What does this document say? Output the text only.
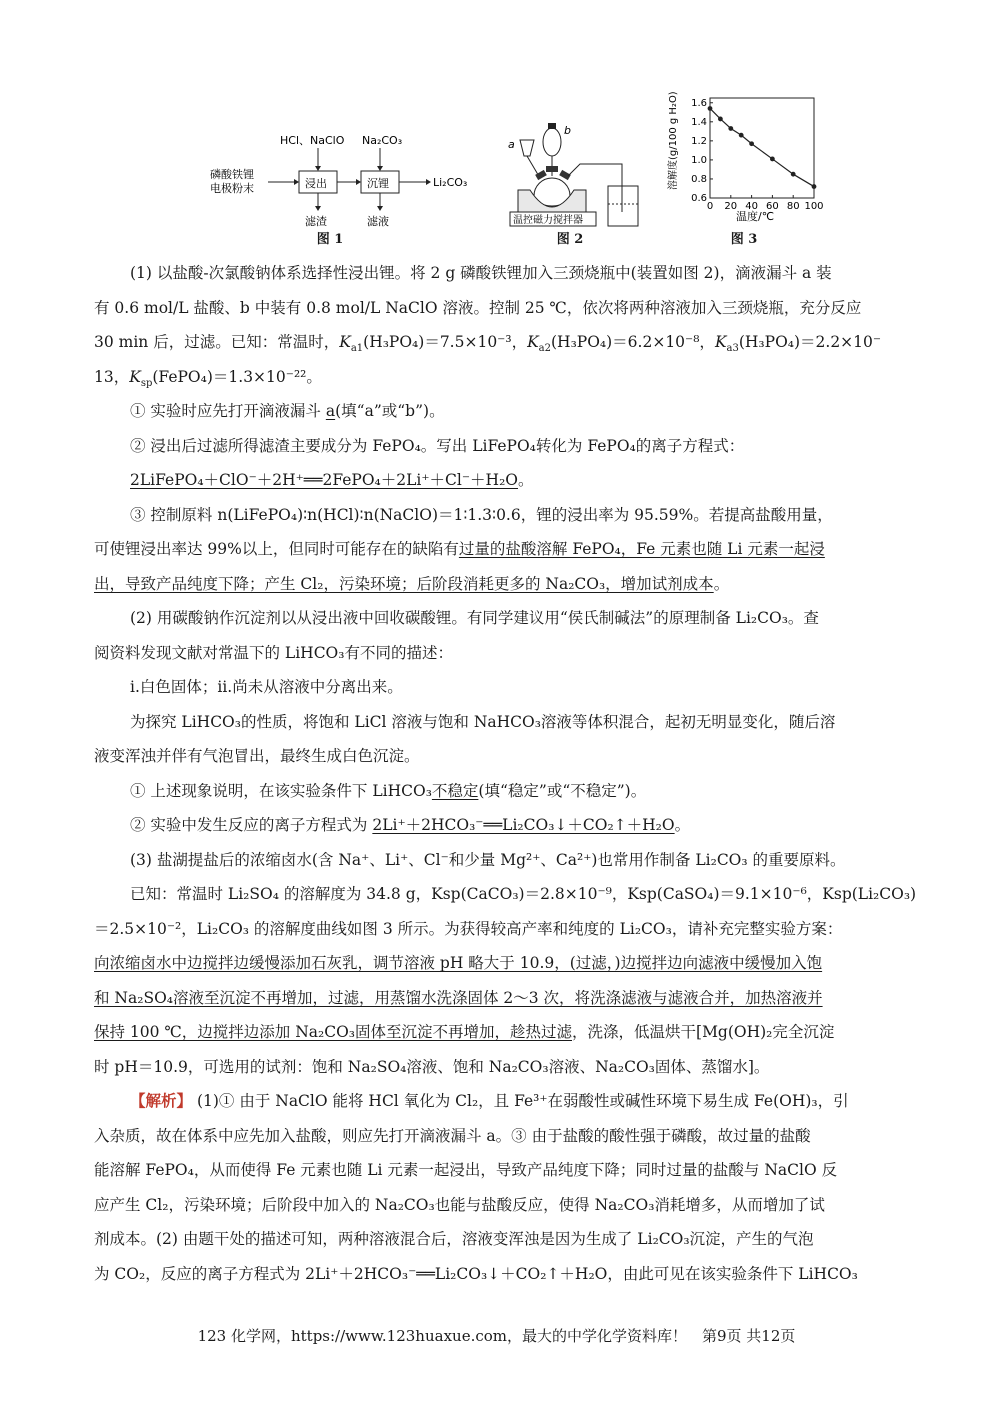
HCl、NaClO Na₂CO₃
磷酸铁锂
电极粉末	浸出	沉锂	Li₂CO₃
滤渣	滤液
图 1
a
b
温控磁力搅拌器
图 2
溶解度(g/100 g H₂O)
温度/℃
0 20 40 60 80 100
0.6
0.8
1.0
1.2
1.4
1.6
图 3

(1) 以盐酸-次氯酸钠体系选择性浸出锂。将 2 g 磷酸铁锂加入三颈烧瓶中(装置如图 2)，滴液漏斗 a 装

有 0.6 mol/L 盐酸、b 中装有 0.8 mol/L NaClO 溶液。控制 25 ℃，依次将两种溶液加入三颈烧瓶，充分反应

30 min 后，过滤。已知：常温时，$K_{a1}(H_3PO_4)=7.5\times 10^{-3}$，$K_{a2}(H_3PO_4)=6.2\times 10^{-8}$，$K_{a3}(H_3PO_4)=2.2\times 10^-$

13，$K_{sp}(FePO_4)=1.3\times 10^{-22}$。

① 实验时应先打开滴液漏斗 a(填“a”或“b”)。

② 浸出后过滤所得滤渣主要成分为 FePO₄。写出 LiFePO₄转化为 FePO₄的离子方程式：

2LiFePO₄＋ClO⁻＋2H⁺══2FePO₄＋2Li⁺＋Cl⁻＋H₂O。

③ 控制原料 n(LiFePO₄)∶n(HCl)∶n(NaClO)＝1∶1.3∶0.6，锂的浸出率为 95.59%。若提高盐酸用量，

可使锂浸出率达 99%以上，但同时可能存在的缺陷有过量的盐酸溶解 FePO₄，Fe 元素也随 Li 元素一起浸

出，导致产品纯度下降；产生 Cl₂，污染环境；后阶段消耗更多的 Na₂CO₃，增加试剂成本。

(2) 用碳酸钠作沉淀剂以从浸出液中回收碳酸锂。有同学建议用“侯氏制碱法”的原理制备 Li₂CO₃。查

阅资料发现文献对常温下的 LiHCO₃有不同的描述：

ⅰ.白色固体；ⅱ.尚未从溶液中分离出来。

为探究 LiHCO₃的性质，将饱和 LiCl 溶液与饱和 NaHCO₃溶液等体积混合，起初无明显变化，随后溶

液变浑浊并伴有气泡冒出，最终生成白色沉淀。

① 上述现象说明，在该实验条件下 LiHCO₃不稳定(填“稳定”或“不稳定”)。

② 实验中发生反应的离子方程式为 2Li⁺＋2HCO₃⁻══Li₂CO₃↓＋CO₂↑＋H₂O。

(3) 盐湖提盐后的浓缩卤水(含 Na⁺、Li⁺、Cl⁻和少量 Mg²⁺、Ca²⁺)也常用作制备 Li₂CO₃ 的重要原料。

已知：常温时 Li₂SO₄ 的溶解度为 34.8 g，Ksp(CaCO₃)＝2.8×10⁻⁹，Ksp(CaSO₄)＝9.1×10⁻⁶，Ksp(Li₂CO₃)

＝2.5×10⁻²，Li₂CO₃ 的溶解度曲线如图 3 所示。为获得较高产率和纯度的 Li₂CO₃，请补充完整实验方案：

向浓缩卤水中边搅拌边缓慢添加石灰乳，调节溶液 pH 略大于 10.9，(过滤，)边搅拌边向滤液中缓慢加入饱

和 Na₂SO₄溶液至沉淀不再增加，过滤，用蒸馏水洗涤固体 2～3 次，将洗涤滤液与滤液合并，加热溶液并

保持 100 ℃，边搅拌边添加 Na₂CO₃固体至沉淀不再增加，趁热过滤，洗涤，低温烘干[Mg(OH)₂完全沉淀

时 pH＝10.9，可选用的试剂：饱和 Na₂SO₄溶液、饱和 Na₂CO₃溶液、Na₂CO₃固体、蒸馏水]。

【解析】 (1)① 由于 NaClO 能将 HCl 氧化为 Cl₂，且 Fe³⁺在弱酸性或碱性环境下易生成 Fe(OH)₃，引

入杂质，故在体系中应先加入盐酸，则应先打开滴液漏斗 a。③ 由于盐酸的酸性强于磷酸，故过量的盐酸

能溶解 FePO₄，从而使得 Fe 元素也随 Li 元素一起浸出，导致产品纯度下降；同时过量的盐酸与 NaClO 反

应产生 Cl₂，污染环境；后阶段中加入的 Na₂CO₃也能与盐酸反应，使得 Na₂CO₃消耗增多，从而增加了试

剂成本。(2) 由题干处的描述可知，两种溶液混合后，溶液变浑浊是因为生成了 Li₂CO₃沉淀，产生的气泡

为 CO₂，反应的离子方程式为 2Li⁺＋2HCO₃⁻══Li₂CO₃↓＋CO₂↑＋H₂O，由此可见在该实验条件下 LiHCO₃

123 化学网，https://www.123huaxue.com，最大的中学化学资料库！　第9页 共12页
